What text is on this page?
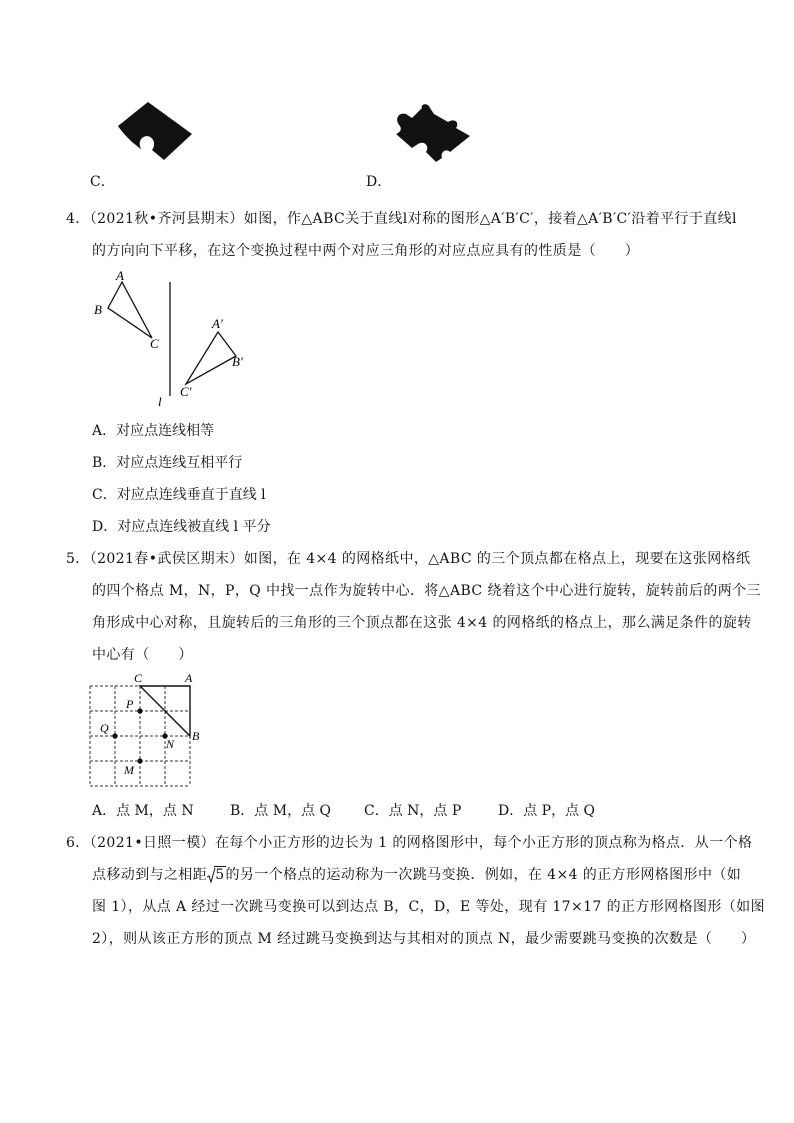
C．	D．
4．（2021秋•齐河县期末）如图，作△ABC关于直线l对称的图形△A′B′C′，接着△A′B′C′沿着平行于直线l
的方向向下平移，在这个变换过程中两个对应三角形的对应点应具有的性质是（　　）
A
B
C
A′
B′
C′
l
A．对应点连线相等
B．对应点连线互相平行
C．对应点连线垂直于直线 l
D．对应点连线被直线 l 平分
5．（2021春•武侯区期末）如图，在 4×4 的网格纸中，△ABC 的三个顶点都在格点上，现要在这张网格纸
的四个格点 M，N，P，Q 中找一点作为旋转中心．将△ABC 绕着这个中心进行旋转，旋转前后的两个三
角形成中心对称，且旋转后的三角形的三个顶点都在这张 4×4 的网格纸的格点上，那么满足条件的旋转
中心有（　　）
C	A
B
P
Q
N
M
A．点 M，点 N	B．点 M，点 Q C．点 N，点 P	D．点 P，点 Q
6．（2021•日照一模）在每个小正方形的边长为 1 的网格图形中，每个小正方形的顶点称为格点．从一个格
点移动到与之相距 5的另一个格点的运动称为一次跳马变换．例如，在 4×4 的正方形网格图形中（如
图 1），从点 A 经过一次跳马变换可以到达点 B，C，D，E 等处，现有 17×17 的正方形网格图形（如图
2），则从该正方形的顶点 M 经过跳马变换到达与其相对的顶点 N，最少需要跳马变换的次数是（　　）
